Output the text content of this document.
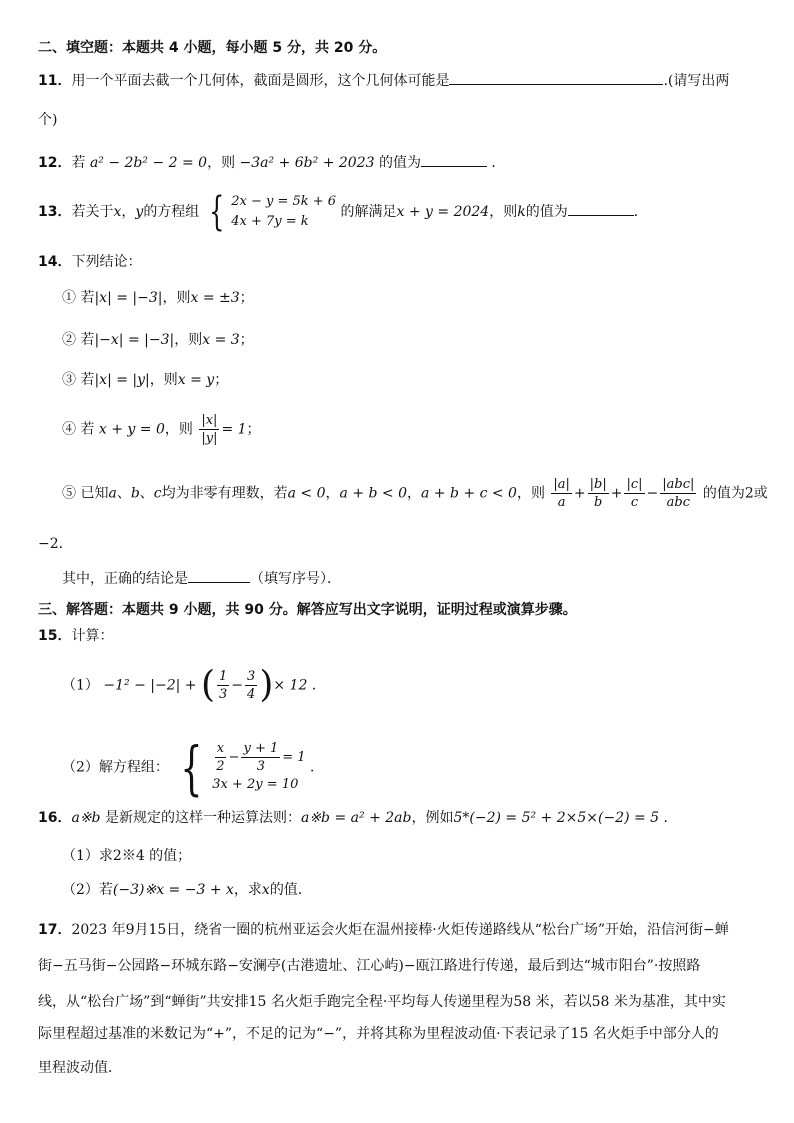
二、填空题：本题共 4 小题，每小题 5 分，共 20 分。
11．用一个平面去截一个几何体，截面是圆形，这个几何体可能是	.(请写出两
个)
12．若 a² − 2b² − 2 = 0，则 −3a² + 6b² + 2023 的值为	．
13．若关于x，y的方程组 { 2x − y = 5k + 6
4x + 7y = k
的解满足x + y = 2024，则k的值为	．
14．下列结论：
① 若|x| = |−3|，则x = ±3；
② 若|−x| = |−3|，则x = 3；
③ 若|x| = |y|，则x = y；
④ 若 x + y = 0，则 $\frac{|x|}{|y|} = 1$；
⑤ 已知a、b、c均为非零有理数，若a < 0，a + b < 0，a + b + c < 0，则 $\frac{|a|}{a} + \frac{|b|}{b} + \frac{|c|}{c} - \frac{\text{|abc|}}{\text{abc}}$ 的值为2或
−2．
其中，正确的结论是	（填写序号）．
三、解答题：本题共 9 小题，共 90 分。解答应写出文字说明，证明过程或演算步骤。
15．计算：
（1） −1² − |−2| + ( $\frac{1}{3} - \frac{3}{4}$ )× 12 ．
（2）解方程组： { $\frac{x}{2} - \frac{y + 1}{3} = 1$
3x + 2y = 10
．
16．a※b 是新规定的这样一种运算法则：a※b = a² + 2ab，例如5*(−2) = 5² + 2×5×(−2) = 5 ．
（1）求2※4 的值；
（2）若(−3)※x = −3 + x，求x的值．
17．2023 年9月15日，绕省一圈的杭州亚运会火炬在温州接棒·火炬传递路线从“松台广场”开始，沿信河街−蝉
街−五马街−公园路−环城东路−安澜亭(古港遗址、江心屿)−瓯江路进行传递，最后到达“城市阳台”·按照路
线，从“松台广场”到“蝉街”共安排15 名火炬手跑完全程·平均每人传递里程为58 米，若以58 米为基准，其中实
际里程超过基准的米数记为“+”，不足的记为“−”，并将其称为里程波动值·下表记录了15 名火炬手中部分人的
里程波动值．
